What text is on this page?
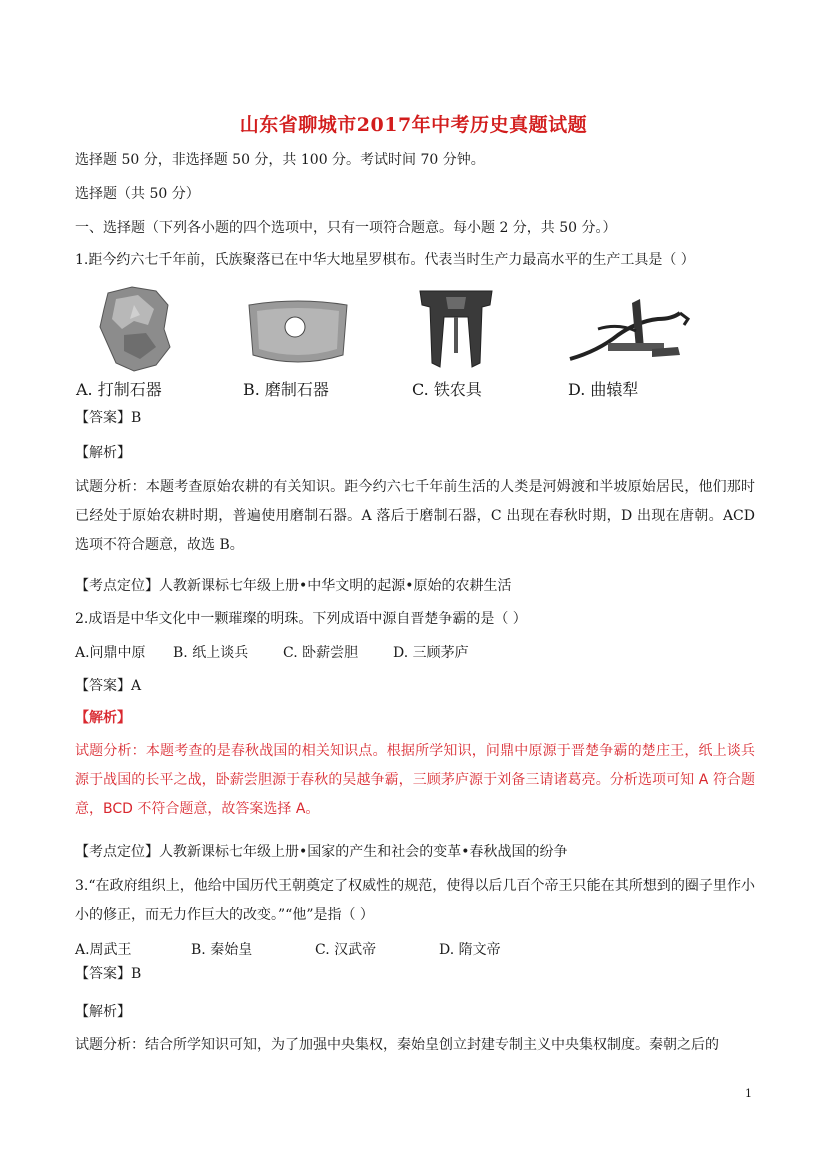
山东省聊城市2017年中考历史真题试题
选择题 50 分，非选择题 50 分，共 100 分。考试时间 70 分钟。
选择题（共 50 分）
一、选择题（下列各小题的四个选项中，只有一项符合题意。每小题 2 分，共 50 分。）
1.距今约六七千年前，氏族聚落已在中华大地星罗棋布。代表当时生产力最高水平的生产工具是（ ）
A. 打制石器	B. 磨制石器	C. 铁农具	D. 曲辕犁
【答案】B
【解析】
试题分析：本题考查原始农耕的有关知识。距今约六七千年前生活的人类是河姆渡和半坡原始居民，他们那时已经处于原始农耕时期，普遍使用磨制石器。A 落后于磨制石器，C 出现在春秋时期，D 出现在唐朝。ACD 选项不符合题意，故选 B。
【考点定位】人教新课标七年级上册•中华文明的起源•原始的农耕生活
2.成语是中华文化中一颗璀璨的明珠。下列成语中源自晋楚争霸的是（ ）
A.问鼎中原 B. 纸上谈兵 C. 卧薪尝胆 D. 三顾茅庐
【答案】A
【解析】
试题分析：本题考查的是春秋战国的相关知识点。根据所学知识，问鼎中原源于晋楚争霸的楚庄王，纸上谈兵源于战国的长平之战，卧薪尝胆源于春秋的吴越争霸，三顾茅庐源于刘备三请诸葛亮。分析选项可知 A 符合题意，BCD 不符合题意，故答案选择 A。
【考点定位】人教新课标七年级上册•国家的产生和社会的变革•春秋战国的纷争
3.“在政府组织上，他给中国历代王朝奠定了权威性的规范，使得以后几百个帝王只能在其所想到的圈子里作小小的修正，而无力作巨大的改变。”“他”是指（ ）
A.周武王	B. 秦始皇	C. 汉武帝	D. 隋文帝
【答案】B
【解析】
试题分析：结合所学知识可知，为了加强中央集权，秦始皇创立封建专制主义中央集权制度。秦朝之后的
1
